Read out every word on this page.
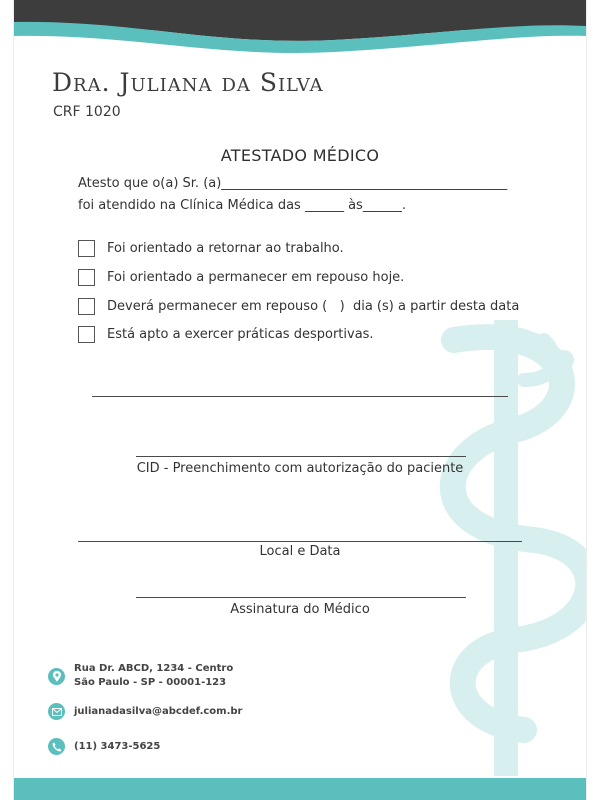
Dra. Juliana da Silva
CRF 1020
ATESTADO MÉDICO
Atesto que o(a) Sr. (a)____________________________________________
foi atendido na Clínica Médica das ______ às______.
Foi orientado a retornar ao trabalho.
Foi orientado a permanecer em repouso hoje.
Deverá permanecer em repouso (   )  dia (s) a partir desta data
Está apto a exercer práticas desportivas.
CID - Preenchimento com autorização do paciente
Local e Data
Assinatura do Médico
Rua Dr. ABCD, 1234 - Centro
São Paulo - SP - 00001-123
julianadasilva@abcdef.com.br
(11) 3473-5625
